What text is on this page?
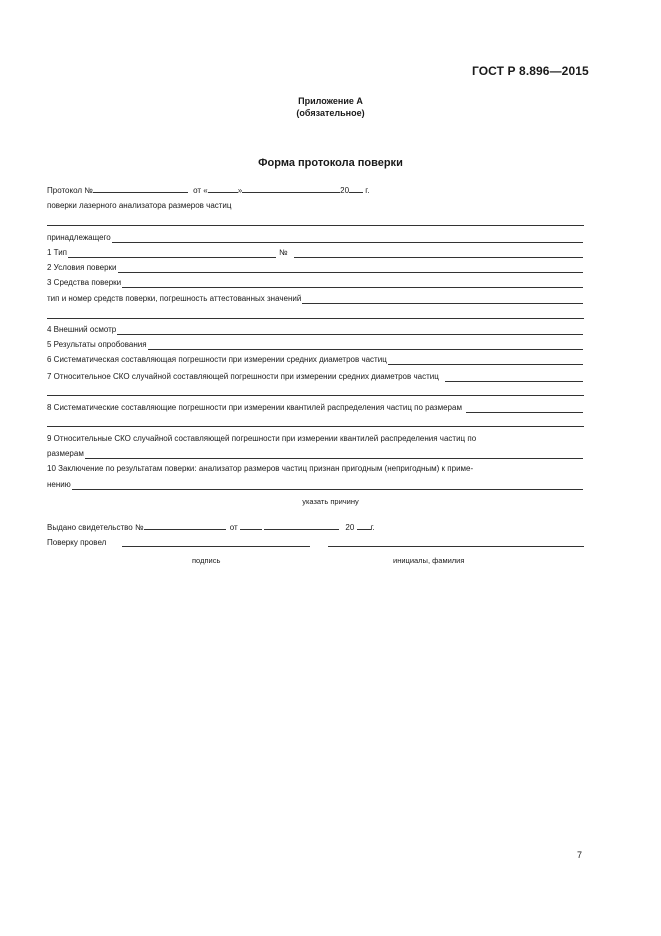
ГОСТ Р 8.896—2015
Приложение А
(обязательное)
Форма протокола поверки
Протокол №	от «	»	20 г.
поверки лазерного анализатора размеров частиц
принадлежащего
1 Тип	№
2 Условия поверки
3 Средства поверки
тип и номер средств поверки, погрешность аттестованных значений
4 Внешний осмотр
5 Результаты опробования
6 Систематическая составляющая погрешности при измерении средних диаметров частиц
7 Относительное СКО случайной составляющей погрешности при измерении средних диаметров частиц
8 Систематические составляющие погрешности при измерении квантилей распределения частиц по размерам
9 Относительные СКО случайной составляющей погрешности при измерении квантилей распределения частиц по
размерам
10 Заключение по результатам поверки: анализатор размеров частиц признан пригодным (непригодным) к приме-
нению
указать причину
Выдано свидетельство №	от	20 г.
Поверку провел
подпись	инициалы, фамилия
7
